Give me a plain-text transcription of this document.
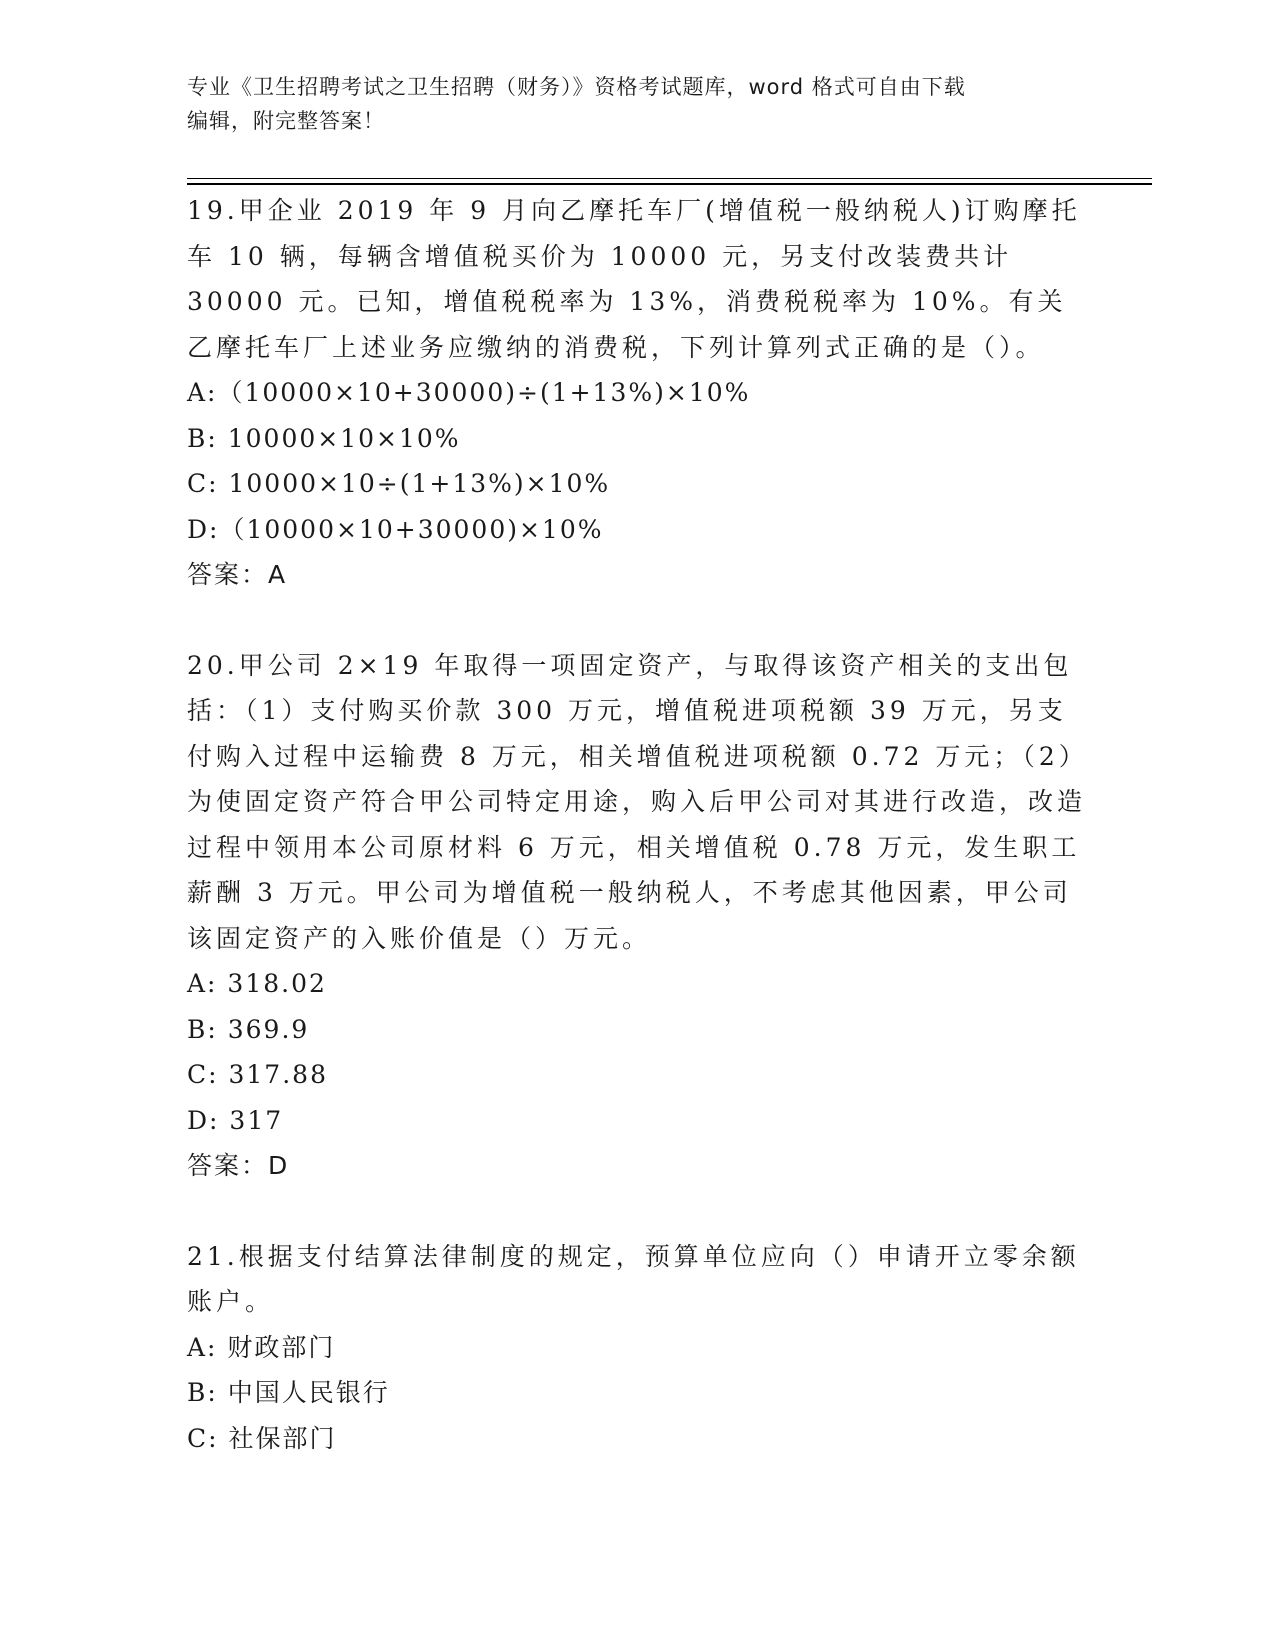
专业《卫生招聘考试之卫生招聘（财务）》资格考试题库，word 格式可自由下载
编辑，附完整答案！

19.甲企业 2019 年 9 月向乙摩托车厂(增值税一般纳税人)订购摩托车 10 辆，每辆含增值税买价为 10000 元，另支付改装费共计 30000 元。已知，增值税税率为 13%，消费税税率为 10%。有关乙摩托车厂上述业务应缴纳的消费税，下列计算列式正确的是（）。

A:（10000×10+30000)÷(1+13%)×10%
B: 10000×10×10%
C: 10000×10÷(1+13%)×10%
D:（10000×10+30000)×10%
答案：A

20.甲公司 2×19 年取得一项固定资产，与取得该资产相关的支出包括：（1）支付购买价款 300 万元，增值税进项税额 39 万元，另支付购入过程中运输费 8 万元，相关增值税进项税额 0.72 万元；（2）为使固定资产符合甲公司特定用途，购入后甲公司对其进行改造，改造过程中领用本公司原材料 6 万元，相关增值税 0.78 万元，发生职工薪酬 3 万元。甲公司为增值税一般纳税人，不考虑其他因素，甲公司该固定资产的入账价值是（）万元。

A: 318.02
B: 369.9
C: 317.88
D: 317
答案：D

21.根据支付结算法律制度的规定，预算单位应向（）申请开立零余额账户。

A: 财政部门
B: 中国人民银行
C: 社保部门
